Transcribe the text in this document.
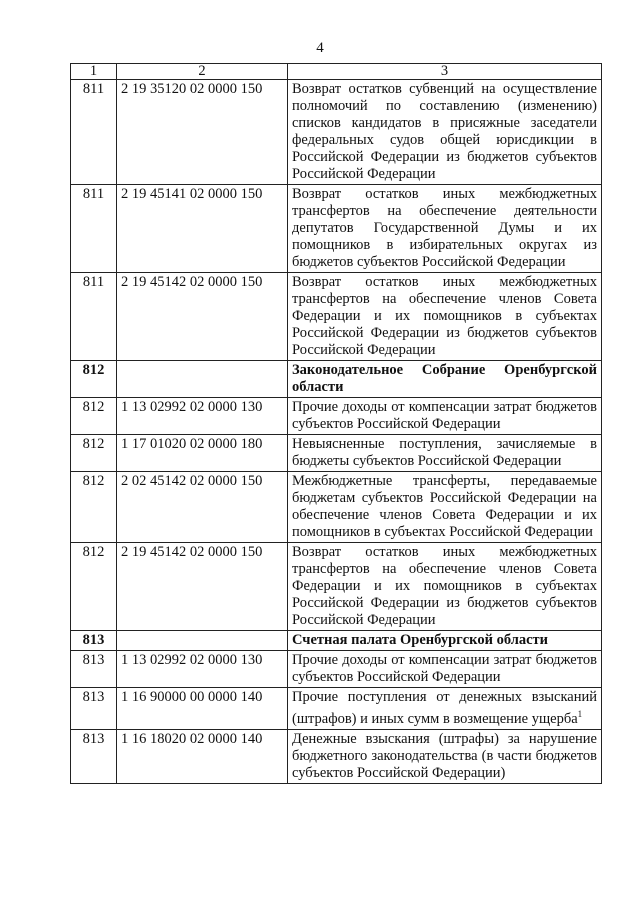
4
1	2	3
811	2 19 35120 02 0000 150	Возврат остатков субвенций на осуществление полномочий по составлению (изменению) списков кандидатов в присяжные заседатели федеральных судов общей юрисдикции в Российской Федерации из бюджетов субъектов Российской Федерации
811	2 19 45141 02 0000 150	Возврат остатков иных межбюджетных трансфертов на обеспечение деятельности депутатов Государственной Думы и их помощников в избирательных округах из бюджетов субъектов Российской Федерации
811	2 19 45142 02 0000 150	Возврат остатков иных межбюджетных трансфертов на обеспечение членов Совета Федерации и их помощников в субъектах Российской Федерации из бюджетов субъектов Российской Федерации
812		Законодательное Собрание Оренбургской области
812	1 13 02992 02 0000 130	Прочие доходы от компенсации затрат бюджетов субъектов Российской Федерации
812	1 17 01020 02 0000 180	Невыясненные поступления, зачисляемые в бюджеты субъектов Российской Федерации
812	2 02 45142 02 0000 150	Межбюджетные трансферты, передаваемые бюджетам субъектов Российской Федерации на обеспечение членов Совета Федерации и их помощников в субъектах Российской Федерации
812	2 19 45142 02 0000 150	Возврат остатков иных межбюджетных трансфертов на обеспечение членов Совета Федерации и их помощников в субъектах Российской Федерации из бюджетов субъектов Российской Федерации
813		Счетная палата Оренбургской области
813	1 13 02992 02 0000 130	Прочие доходы от компенсации затрат бюджетов субъектов Российской Федерации
813	1 16 90000 00 0000 140	Прочие поступления от денежных взысканий (штрафов) и иных сумм в возмещение ущерба$^1$
813	1 16 18020 02 0000 140	Денежные взыскания (штрафы) за нарушение бюджетного законодательства (в части бюджетов субъектов Российской Федерации)
